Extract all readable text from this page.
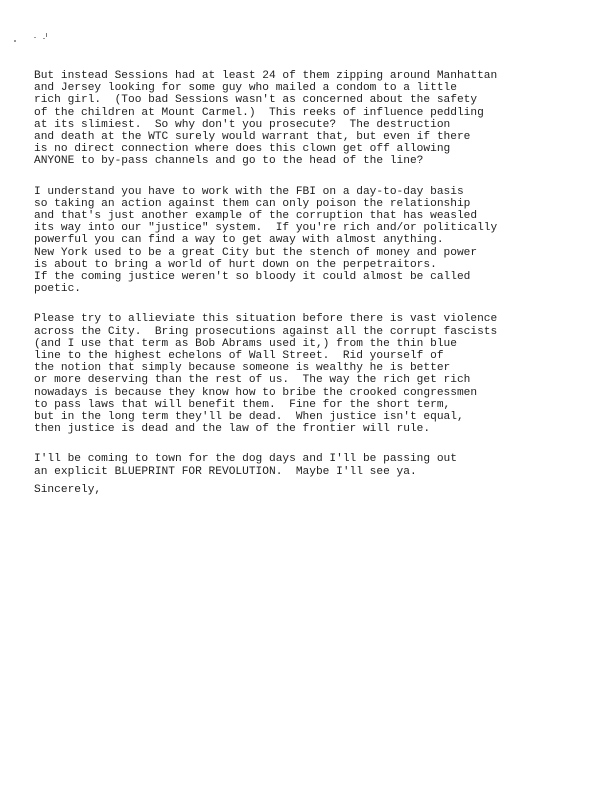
But instead Sessions had at least 24 of them zipping around Manhattan
and Jersey looking for some guy who mailed a condom to a little
rich girl.  (Too bad Sessions wasn't as concerned about the safety
of the children at Mount Carmel.)  This reeks of influence peddling
at its slimiest.  So why don't you prosecute?  The destruction
and death at the WTC surely would warrant that, but even if there
is no direct connection where does this clown get off allowing
ANYONE to by-pass channels and go to the head of the line?
I understand you have to work with the FBI on a day-to-day basis
so taking an action against them can only poison the relationship
and that's just another example of the corruption that has weasled
its way into our "justice" system.  If you're rich and/or politically
powerful you can find a way to get away with almost anything.
New York used to be a great City but the stench of money and power
is about to bring a world of hurt down on the perpetraitors.
If the coming justice weren't so bloody it could almost be called
poetic.
Please try to allieviate this situation before there is vast violence
across the City.  Bring prosecutions against all the corrupt fascists
(and I use that term as Bob Abrams used it,) from the thin blue
line to the highest echelons of Wall Street.  Rid yourself of
the notion that simply because someone is wealthy he is better
or more deserving than the rest of us.  The way the rich get rich
nowadays is because they know how to bribe the crooked congressmen
to pass laws that will benefit them.  Fine for the short term,
but in the long term they'll be dead.  When justice isn't equal,
then justice is dead and the law of the frontier will rule.
I'll be coming to town for the dog days and I'll be passing out
an explicit BLUEPRINT FOR REVOLUTION.  Maybe I'll see ya.
Sincerely,
